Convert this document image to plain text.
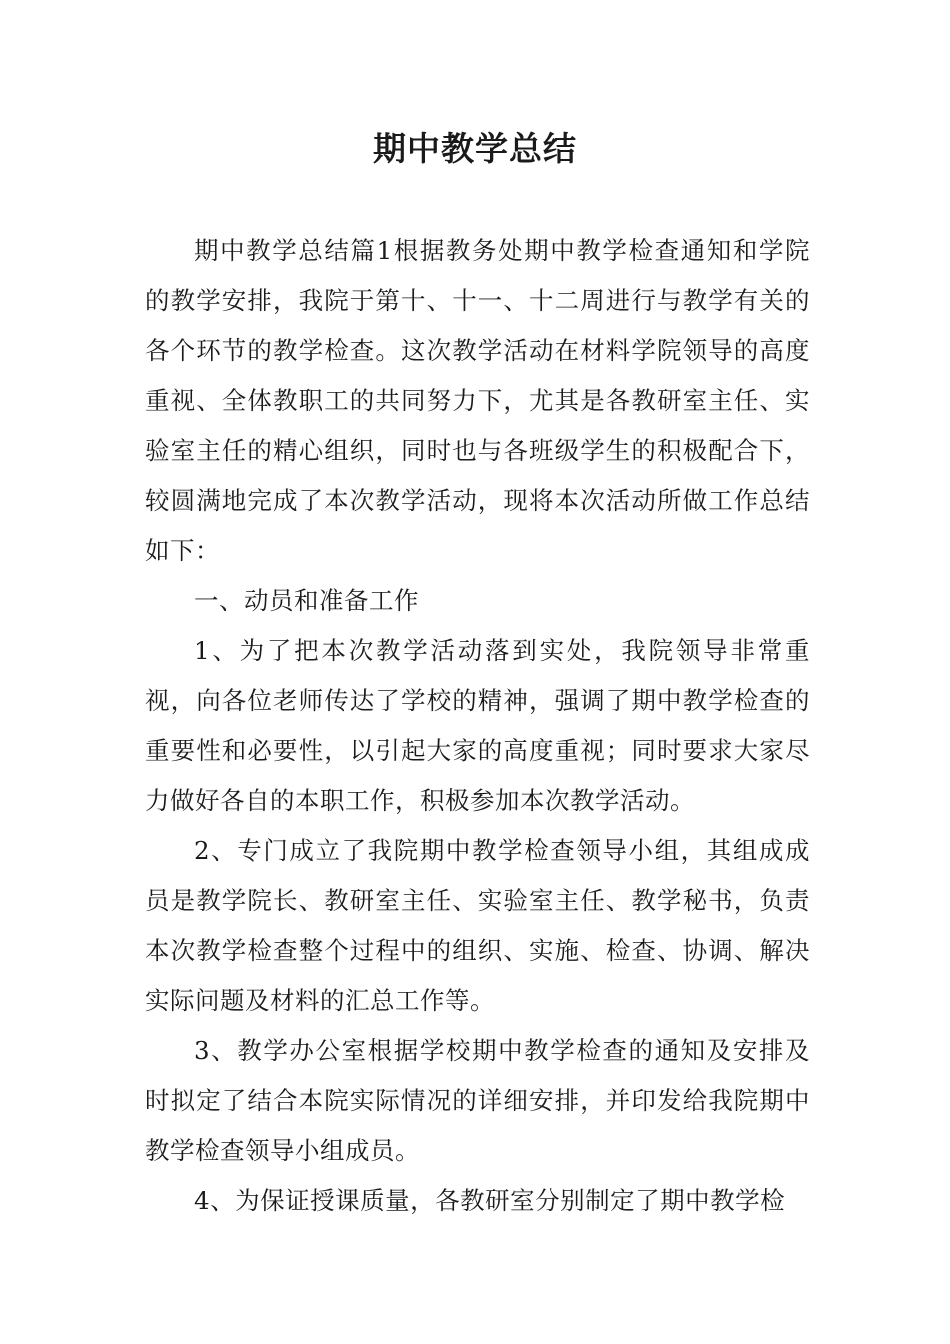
期中教学总结

期中教学总结篇1根据教务处期中教学检查通知和学院的教学安排，我院于第十、十一、十二周进行与教学有关的各个环节的教学检查。这次教学活动在材料学院领导的高度重视、全体教职工的共同努力下，尤其是各教研室主任、实验室主任的精心组织，同时也与各班级学生的积极配合下，较圆满地完成了本次教学活动，现将本次活动所做工作总结如下：

一、动员和准备工作

1、为了把本次教学活动落到实处，我院领导非常重视，向各位老师传达了学校的精神，强调了期中教学检查的重要性和必要性，以引起大家的高度重视；同时要求大家尽力做好各自的本职工作，积极参加本次教学活动。

2、专门成立了我院期中教学检查领导小组，其组成成员是教学院长、教研室主任、实验室主任、教学秘书，负责本次教学检查整个过程中的组织、实施、检查、协调、解决实际问题及材料的汇总工作等。

3、教学办公室根据学校期中教学检查的通知及安排及时拟定了结合本院实际情况的详细安排，并印发给我院期中教学检查领导小组成员。

4、为保证授课质量，各教研室分别制定了期中教学检
